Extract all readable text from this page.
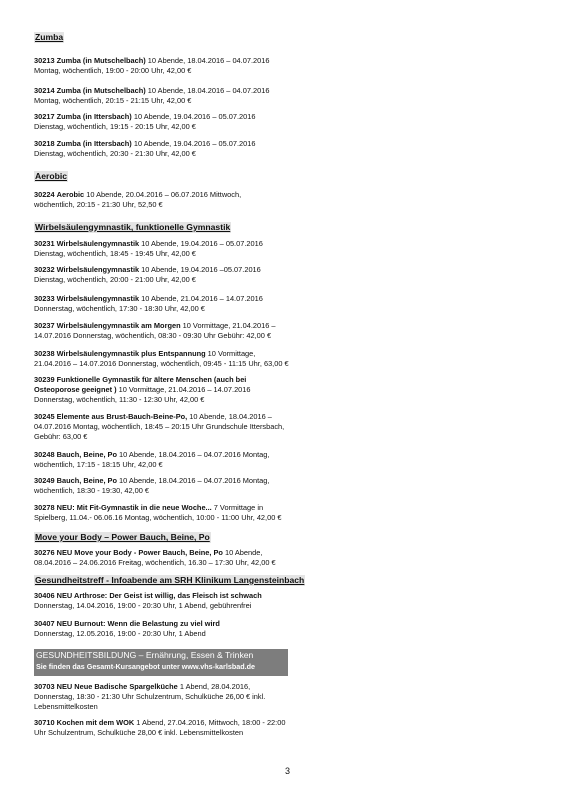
Zumba
Aerobic
Wirbelsäulengymnastik, funktionelle Gymnastik
Move your Body – Power Bauch, Beine, Po
Gesundheitstreff - Infoabende am SRH Klinikum Langensteinbach
30213 Zumba (in Mutschelbach) 10 Abende, 18.04.2016 – 04.07.2016
Montag, wöchentlich, 19:00 - 20:00 Uhr, 42,00 €
30214 Zumba (in Mutschelbach) 10 Abende, 18.04.2016 – 04.07.2016
Montag, wöchentlich, 20:15 - 21:15 Uhr, 42,00 €
30217 Zumba (in Ittersbach) 10 Abende, 19.04.2016 – 05.07.2016
Dienstag, wöchentlich, 19:15 - 20:15 Uhr, 42,00 €
30218 Zumba (in Ittersbach) 10 Abende, 19.04.2016 – 05.07.2016
Dienstag, wöchentlich, 20:30 - 21:30 Uhr, 42,00 €
30224 Aerobic 10 Abende, 20.04.2016 – 06.07.2016 Mittwoch,
wöchentlich, 20:15 - 21:30 Uhr, 52,50 €
30231 Wirbelsäulengymnastik 10 Abende, 19.04.2016 – 05.07.2016
Dienstag, wöchentlich, 18:45 - 19:45 Uhr, 42,00 €
30232 Wirbelsäulengymnastik 10 Abende, 19.04.2016 –05.07.2016
Dienstag, wöchentlich, 20:00 - 21:00 Uhr, 42,00 €
30233 Wirbelsäulengymnastik 10 Abende, 21.04.2016 – 14.07.2016
Donnerstag, wöchentlich, 17:30 - 18:30 Uhr, 42,00 €
30237 Wirbelsäulengymnastik am Morgen 10 Vormittage, 21.04.2016 –
14.07.2016 Donnerstag, wöchentlich, 08:30 - 09:30 Uhr Gebühr: 42,00 €
30238 Wirbelsäulengymnastik plus Entspannung 10 Vormittage,
21.04.2016 – 14.07.2016 Donnerstag, wöchentlich, 09:45 - 11:15 Uhr, 63,00 €
30239 Funktionelle Gymnastik für ältere Menschen (auch bei
Osteoporose geeignet ) 10 Vormittage, 21.04.2016 – 14.07.2016
Donnerstag, wöchentlich, 11:30 - 12:30 Uhr, 42,00 €
30245 Elemente aus Brust-Bauch-Beine-Po, 10 Abende, 18.04.2016 –
04.07.2016 Montag, wöchentlich, 18:45 – 20:15 Uhr Grundschule Ittersbach,
Gebühr: 63,00 €
30248 Bauch, Beine, Po 10 Abende, 18.04.2016 – 04.07.2016 Montag,
wöchentlich, 17:15 - 18:15 Uhr, 42,00 €
30249 Bauch, Beine, Po 10 Abende, 18.04.2016 – 04.07.2016 Montag,
wöchentlich, 18:30 - 19:30, 42,00 €
30278 NEU: Mit Fit-Gymnastik in die neue Woche... 7 Vormittage in
Spielberg, 11.04.- 06.06.16 Montag, wöchentlich, 10:00 - 11:00 Uhr, 42,00 €
30276 NEU Move your Body - Power Bauch, Beine, Po 10 Abende,
08.04.2016 – 24.06.2016 Freitag, wöchentlich, 16.30 – 17:30 Uhr, 42,00 €
30406 NEU Arthrose: Der Geist ist willig, das Fleisch ist schwach
Donnerstag, 14.04.2016, 19:00 - 20:30 Uhr, 1 Abend, gebührenfrei
30407 NEU Burnout: Wenn die Belastung zu viel wird
Donnerstag, 12.05.2016, 19:00 - 20:30 Uhr, 1 Abend
GESUNDHEITSBILDUNG – Ernährung, Essen & Trinken
Sie finden das Gesamt-Kursangebot unter www.vhs-karlsbad.de
30703 NEU Neue Badische Spargelküche 1 Abend, 28.04.2016,
Donnerstag, 18:30 - 21:30 Uhr Schulzentrum, Schulküche 26,00 € inkl.
Lebensmittelkosten
30710 Kochen mit dem WOK 1 Abend, 27.04.2016, Mittwoch, 18:00 - 22:00
Uhr Schulzentrum, Schulküche 28,00 € inkl. Lebensmittelkosten
3
